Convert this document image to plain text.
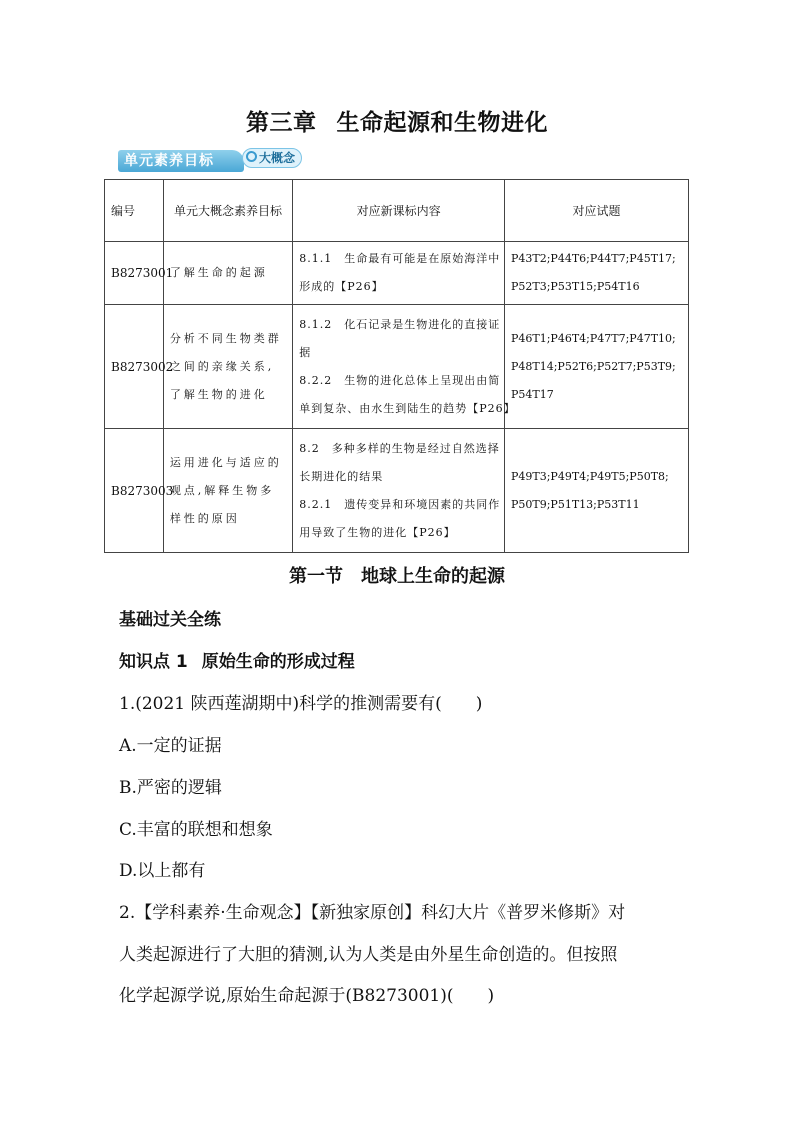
第三章 生命起源和生物进化
单元素养目标	大概念
编号	单元大概念素养目标	对应新课标内容	对应试题
B8273001	了解生命的起源	8.1.1　生命最有可能是在原始海洋中
形成的【P26】	P43T2;P44T6;P44T7;P45T17;
P52T3;P53T15;P54T16

B8273002	分析不同生物类群之间的亲缘关系,了解生物的进化	8.1.2　化石记录是生物进化的直接证
据
8.2.2　生物的进化总体上呈现出由简
单到复杂、由水生到陆生的趋势【P26】	P46T1;P46T4;P47T7;P47T10;
P48T14;P52T6;P52T7;P53T9;
P54T17

B8273003	运用进化与适应的观点,解释生物多样性的原因	8.2　多种多样的生物是经过自然选择
长期进化的结果
8.2.1　遗传变异和环境因素的共同作
用导致了生物的进化【P26】	P49T3;P49T4;P49T5;P50T8;
P50T9;P51T13;P53T11
第一节 地球上生命的起源
基础过关全练
知识点 1 原始生命的形成过程
1.(2021 陕西莲湖期中)科学的推测需要有(　　)
A.一定的证据
B.严密的逻辑
C.丰富的联想和想象
D.以上都有
2.【学科素养·生命观念】【新独家原创】科幻大片《普罗米修斯》对
人类起源进行了大胆的猜测,认为人类是由外星生命创造的。但按照
化学起源学说,原始生命起源于(B8273001)(　　)
